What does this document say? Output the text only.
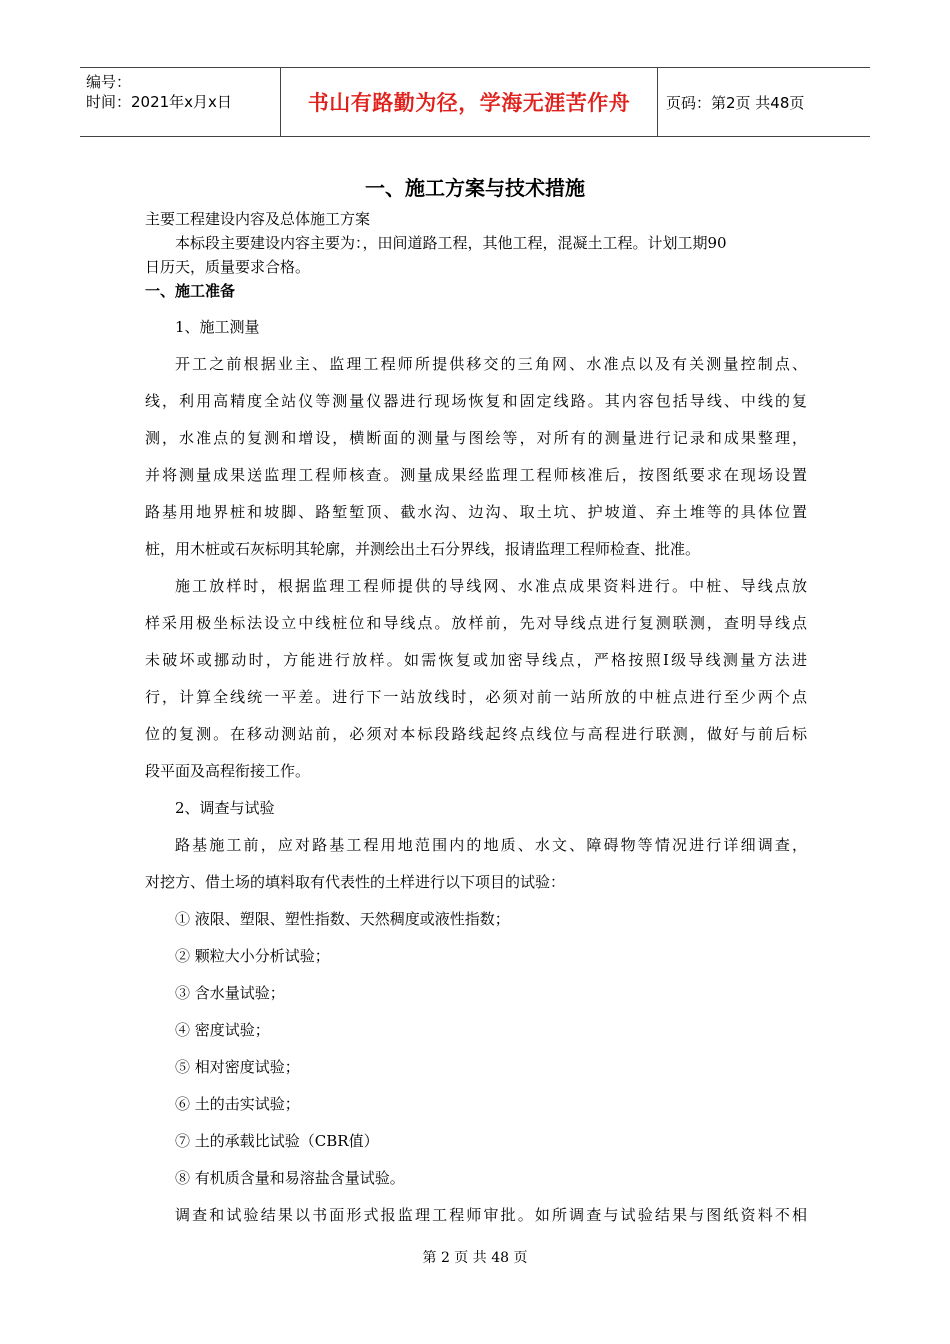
编号：
时间：2021年x月x日	书山有路勤为径，学海无涯苦作舟	页码：第2页 共48页
一、施工方案与技术措施
主要工程建设内容及总体施工方案
本标段主要建设内容主要为：，田间道路工程，其他工程，混凝土工程。计划工期90
日历天，质量要求合格。
一、施工准备
1、施工测量
开工之前根据业主、监理工程师所提供移交的三角网、水准点以及有关测量控制点、
线，利用高精度全站仪等测量仪器进行现场恢复和固定线路。其内容包括导线、中线的复
测，水准点的复测和增设，横断面的测量与图绘等，对所有的测量进行记录和成果整理，
并将测量成果送监理工程师核查。测量成果经监理工程师核准后，按图纸要求在现场设置
路基用地界桩和坡脚、路堑堑顶、截水沟、边沟、取土坑、护坡道、弃土堆等的具体位置
桩，用木桩或石灰标明其轮廓，并测绘出土石分界线，报请监理工程师检查、批准。
施工放样时，根据监理工程师提供的导线网、水准点成果资料进行。中桩、导线点放
样采用极坐标法设立中线桩位和导线点。放样前，先对导线点进行复测联测，查明导线点
未破坏或挪动时，方能进行放样。如需恢复或加密导线点，严格按照Ⅰ级导线测量方法进
行，计算全线统一平差。进行下一站放线时，必须对前一站所放的中桩点进行至少两个点
位的复测。在移动测站前，必须对本标段路线起终点线位与高程进行联测，做好与前后标
段平面及高程衔接工作。
2、调查与试验
路基施工前，应对路基工程用地范围内的地质、水文、障碍物等情况进行详细调查，
对挖方、借土场的填料取有代表性的土样进行以下项目的试验：
① 液限、塑限、塑性指数、天然稠度或液性指数；
② 颗粒大小分析试验；
③ 含水量试验；
④ 密度试验；
⑤ 相对密度试验；
⑥ 土的击实试验；
⑦ 土的承载比试验（CBR值）
⑧ 有机质含量和易溶盐含量试验。
调查和试验结果以书面形式报监理工程师审批。如所调查与试验结果与图纸资料不相
第 2 页 共 48 页
